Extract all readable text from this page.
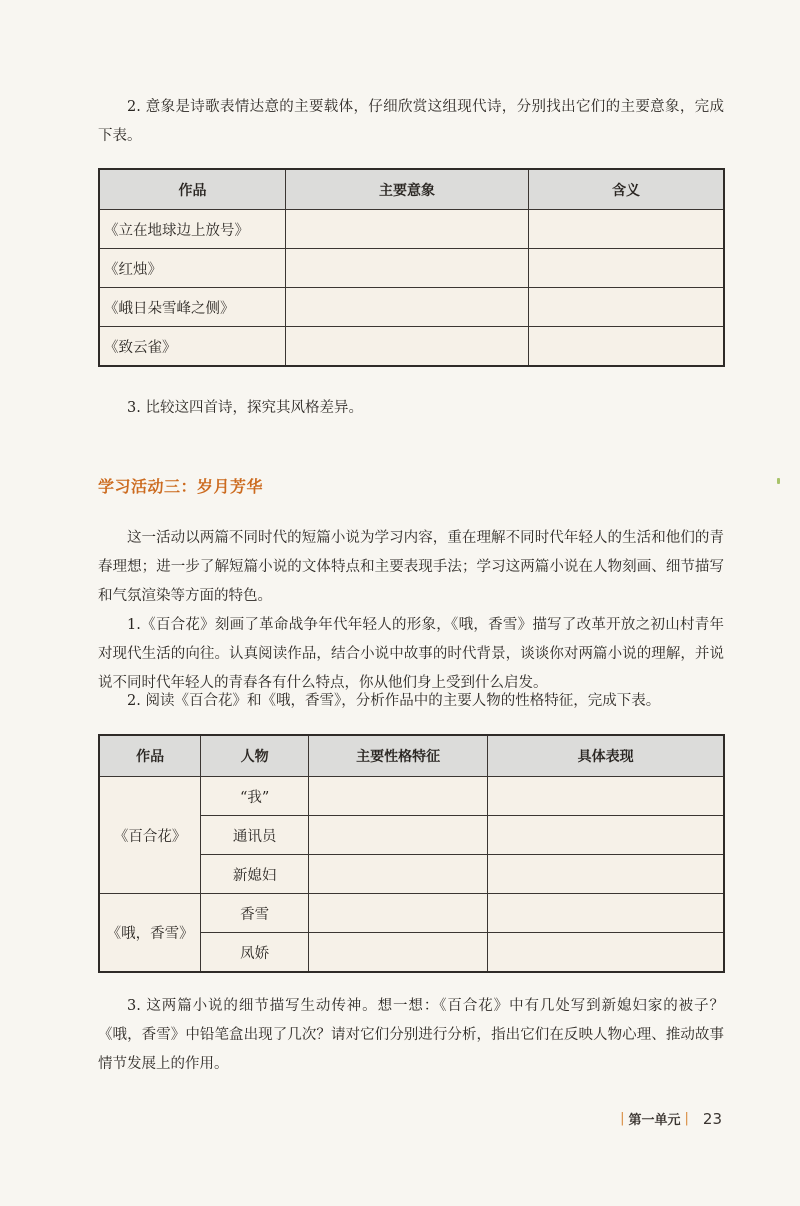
2. 意象是诗歌表情达意的主要载体，仔细欣赏这组现代诗，分别找出它们的主要意象，完成下表。

作品	主要意象	含义
《立在地球边上放号》		
《红烛》		
《峨日朵雪峰之侧》		
《致云雀》		

3. 比较这四首诗，探究其风格差异。

学习活动三：岁月芳华

这一活动以两篇不同时代的短篇小说为学习内容，重在理解不同时代年轻人的生活和他们的青春理想；进一步了解短篇小说的文体特点和主要表现手法；学习这两篇小说在人物刻画、细节描写和气氛渲染等方面的特色。

1.《百合花》刻画了革命战争年代年轻人的形象，《哦，香雪》描写了改革开放之初山村青年对现代生活的向往。认真阅读作品，结合小说中故事的时代背景，谈谈你对两篇小说的理解，并说说不同时代年轻人的青春各有什么特点，你从他们身上受到什么启发。

2. 阅读《百合花》和《哦，香雪》，分析作品中的主要人物的性格特征，完成下表。

作品	人物	主要性格特征	具体表现
《百合花》	“我”		
	通讯员		
	新媳妇		
《哦，香雪》	香雪		
	凤娇		

3. 这两篇小说的细节描写生动传神。想一想：《百合花》中有几处写到新媳妇家的被子？《哦，香雪》中铅笔盒出现了几次？请对它们分别进行分析，指出它们在反映人物心理、推动故事情节发展上的作用。

| 第一单元 | 23
